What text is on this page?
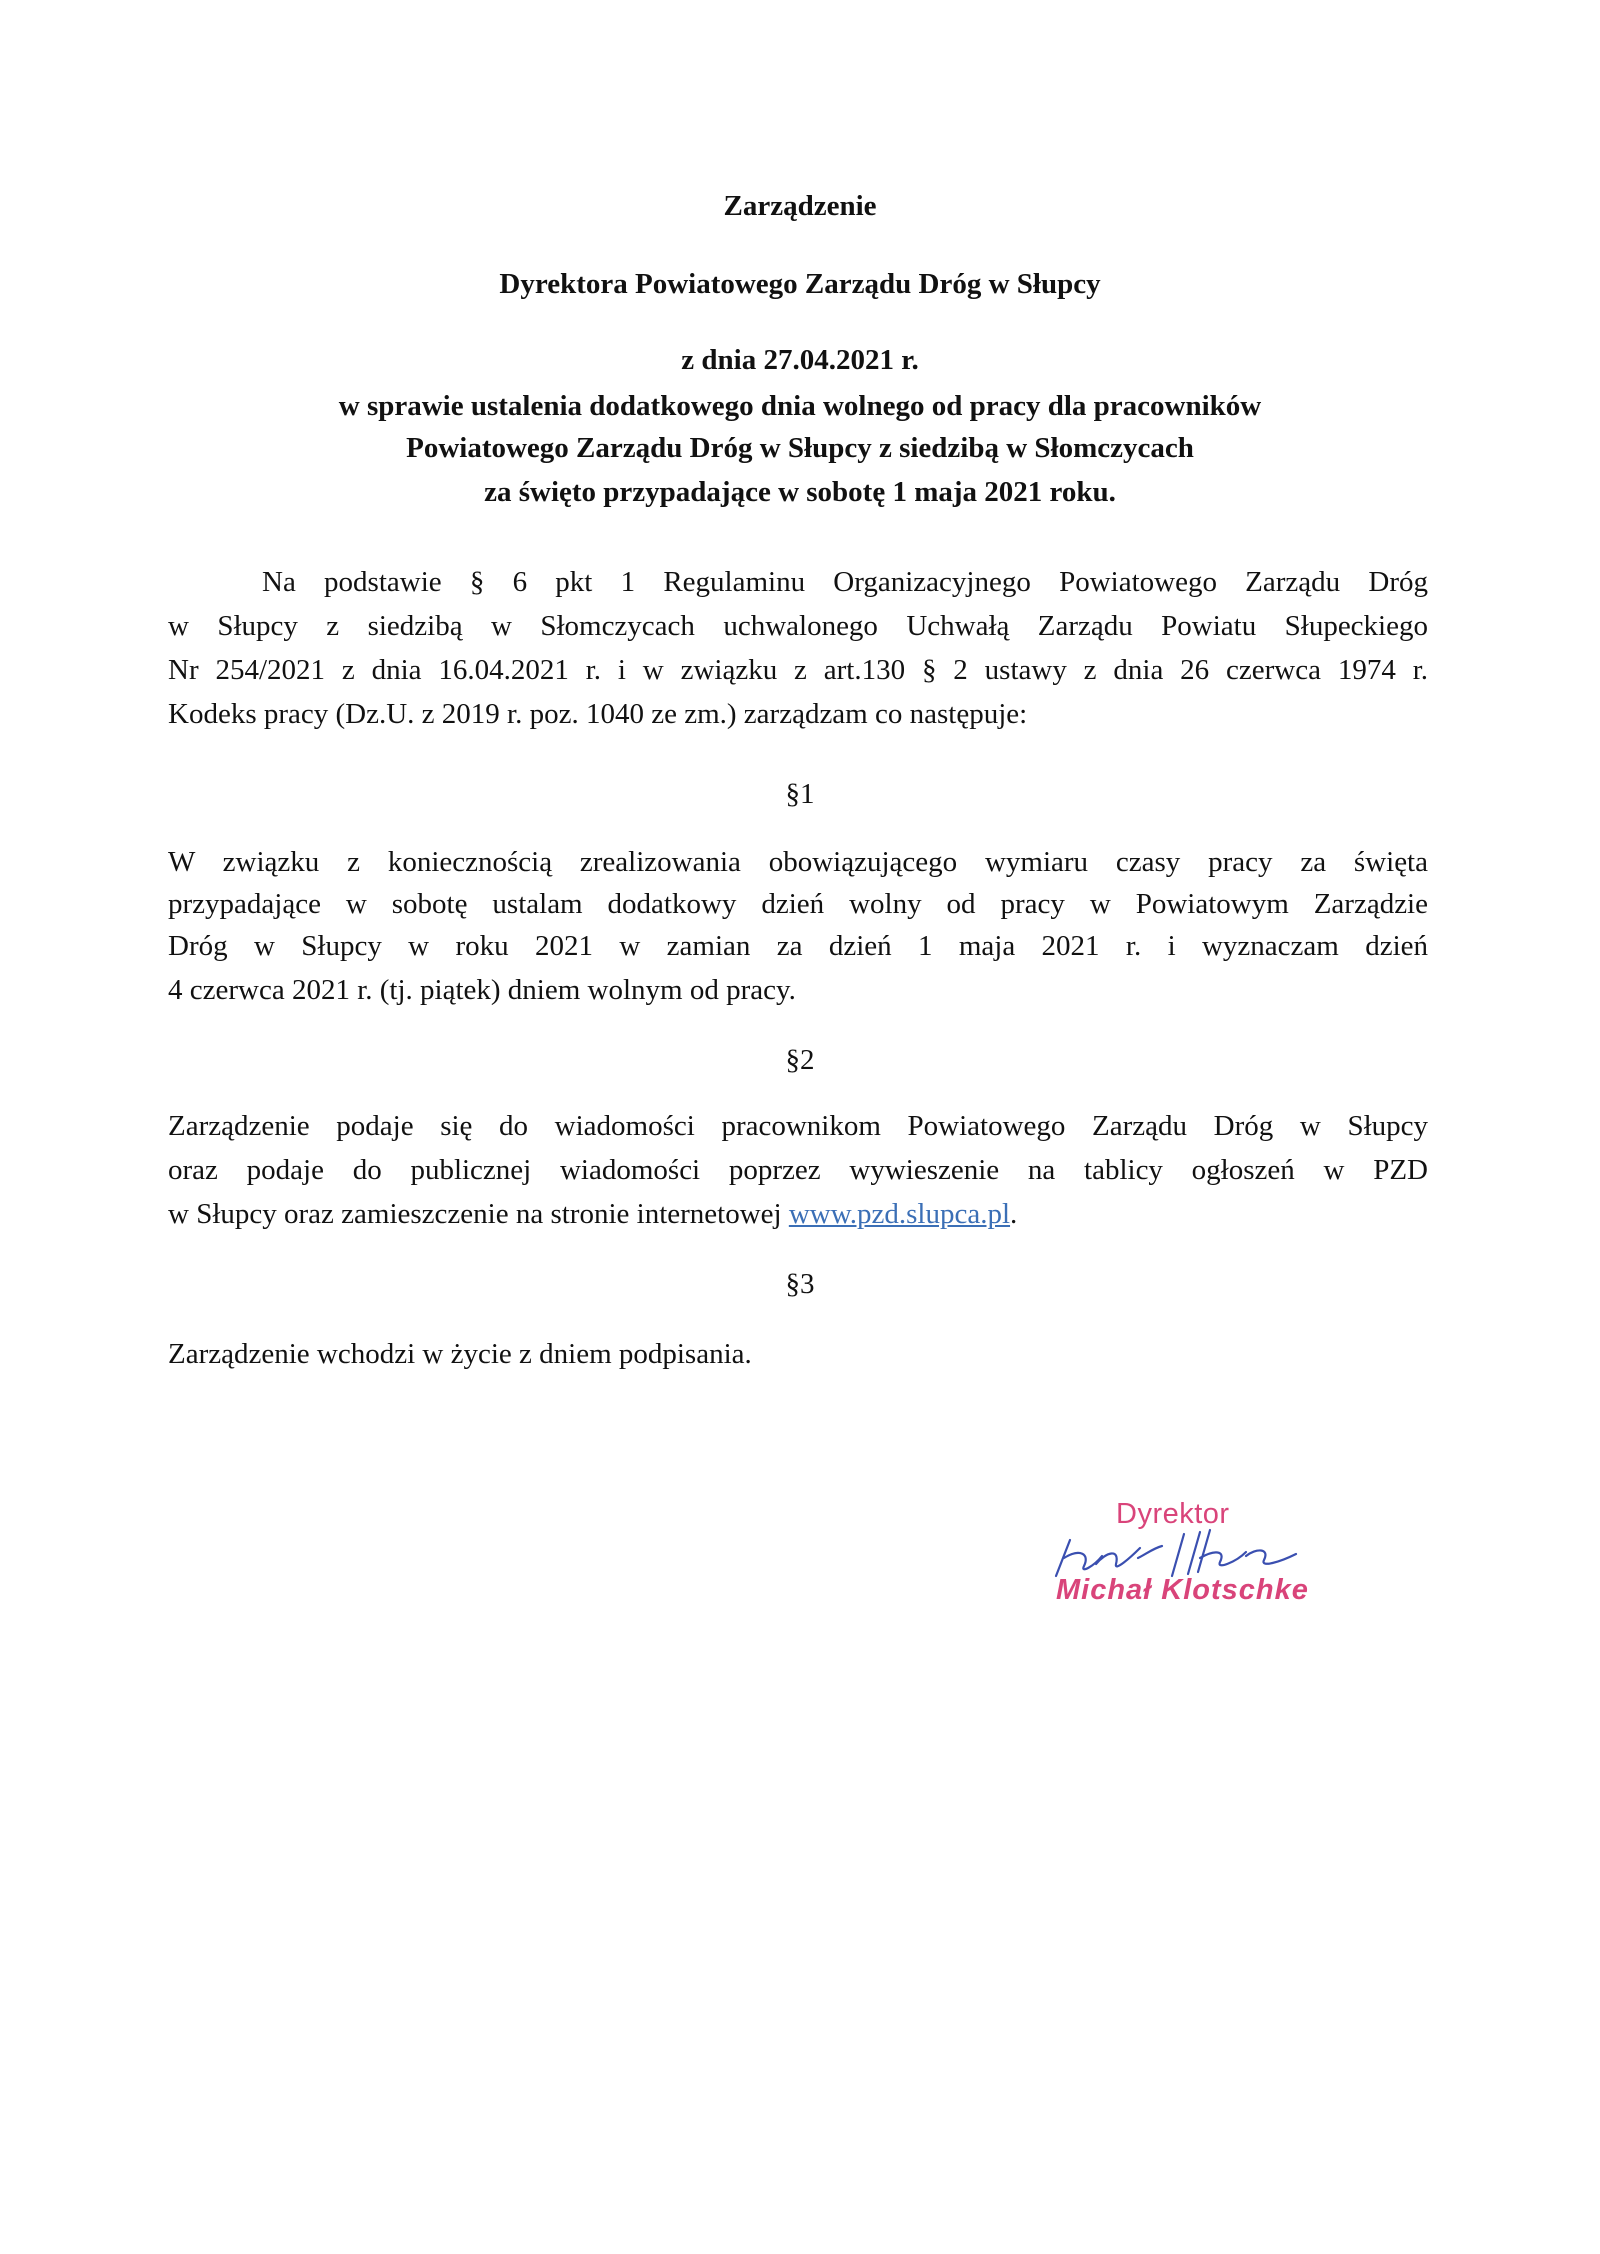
Zarządzenie
Dyrektora Powiatowego Zarządu Dróg w Słupcy
z dnia 27.04.2021 r.
w sprawie ustalenia dodatkowego dnia wolnego od pracy dla pracowników
Powiatowego Zarządu Dróg w Słupcy z siedzibą w Słomczycach
za święto przypadające w sobotę 1 maja 2021 roku.
Na podstawie § 6 pkt 1 Regulaminu Organizacyjnego Powiatowego Zarządu Dróg
w Słupcy z siedzibą w Słomczycach uchwalonego Uchwałą Zarządu Powiatu Słupeckiego
Nr 254/2021 z dnia 16.04.2021 r. i w związku z art.130 § 2 ustawy z dnia 26 czerwca 1974 r.
Kodeks pracy (Dz.U. z 2019 r. poz. 1040 ze zm.) zarządzam co następuje:
§1
W związku z koniecznością zrealizowania obowiązującego wymiaru czasy pracy za święta
przypadające w sobotę ustalam dodatkowy dzień wolny od pracy w Powiatowym Zarządzie
Dróg w Słupcy w roku 2021 w zamian za dzień 1 maja 2021 r. i wyznaczam dzień
4 czerwca 2021 r. (tj. piątek) dniem wolnym od pracy.
§2
Zarządzenie podaje się do wiadomości pracownikom Powiatowego Zarządu Dróg w Słupcy
oraz podaje do publicznej wiadomości poprzez wywieszenie na tablicy ogłoszeń w PZD
w Słupcy oraz zamieszczenie na stronie internetowej www.pzd.slupca.pl.
§3
Zarządzenie wchodzi w życie z dniem podpisania.
Dyrektor
Michał Klotschke
